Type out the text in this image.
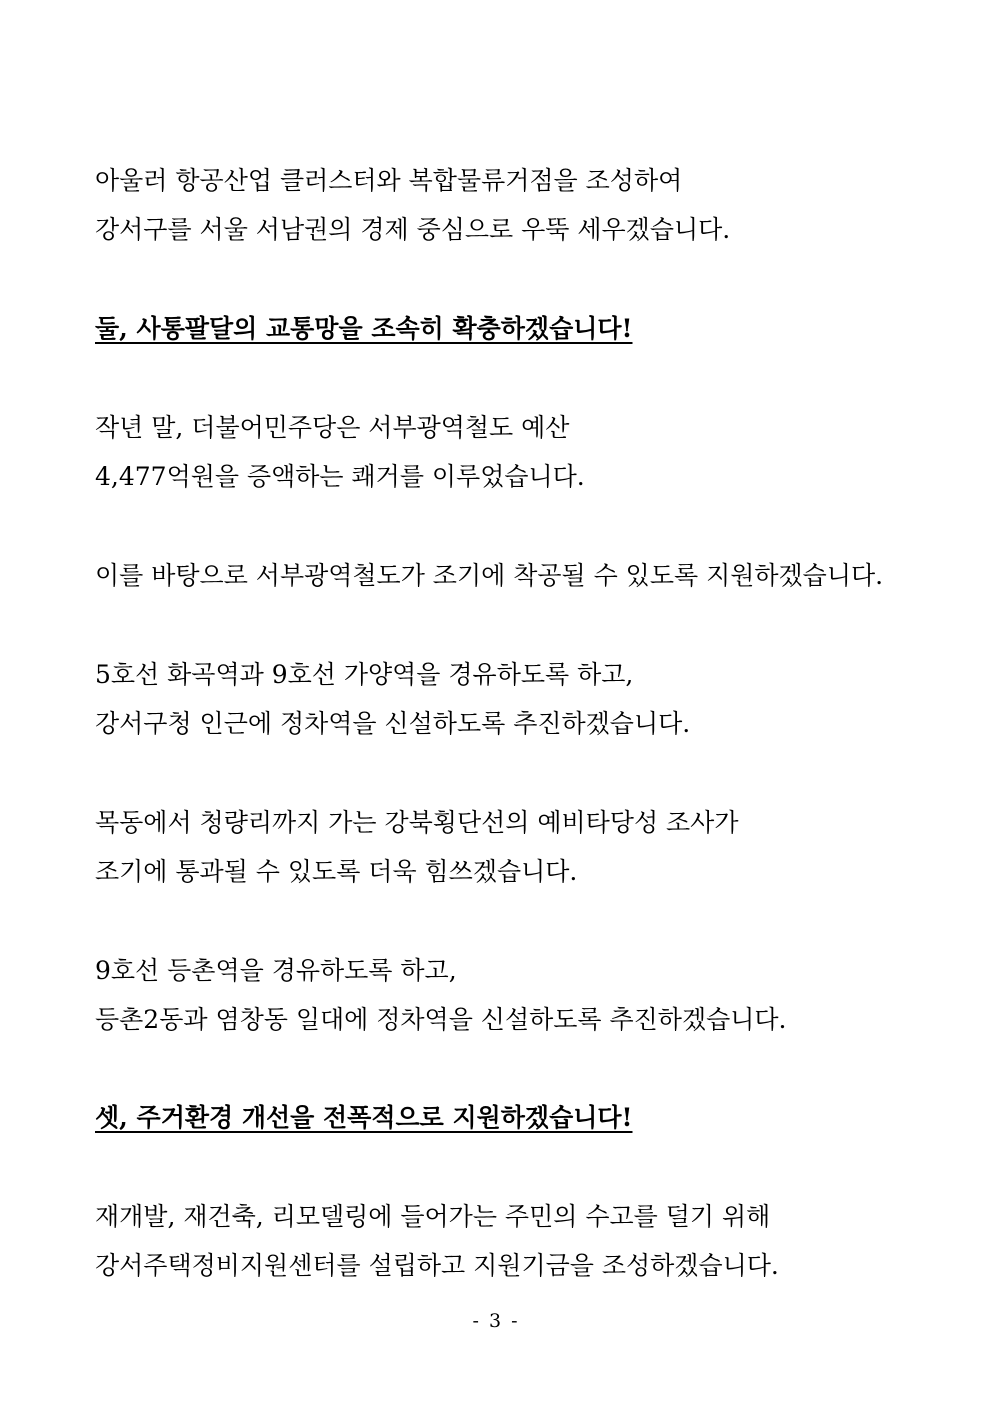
아울러 항공산업 클러스터와 복합물류거점을 조성하여
강서구를 서울 서남권의 경제 중심으로 우뚝 세우겠습니다.
둘, 사통팔달의 교통망을 조속히 확충하겠습니다!
작년 말, 더불어민주당은 서부광역철도 예산
4,477억원을 증액하는 쾌거를 이루었습니다.
이를 바탕으로 서부광역철도가 조기에 착공될 수 있도록 지원하겠습니다.
5호선 화곡역과 9호선 가양역을 경유하도록 하고,
강서구청 인근에 정차역을 신설하도록 추진하겠습니다.
목동에서 청량리까지 가는 강북횡단선의 예비타당성 조사가
조기에 통과될 수 있도록 더욱 힘쓰겠습니다.
9호선 등촌역을 경유하도록 하고,
등촌2동과 염창동 일대에 정차역을 신설하도록 추진하겠습니다.
셋, 주거환경 개선을 전폭적으로 지원하겠습니다!
재개발, 재건축, 리모델링에 들어가는 주민의 수고를 덜기 위해
강서주택정비지원센터를 설립하고 지원기금을 조성하겠습니다.
- 3 -
